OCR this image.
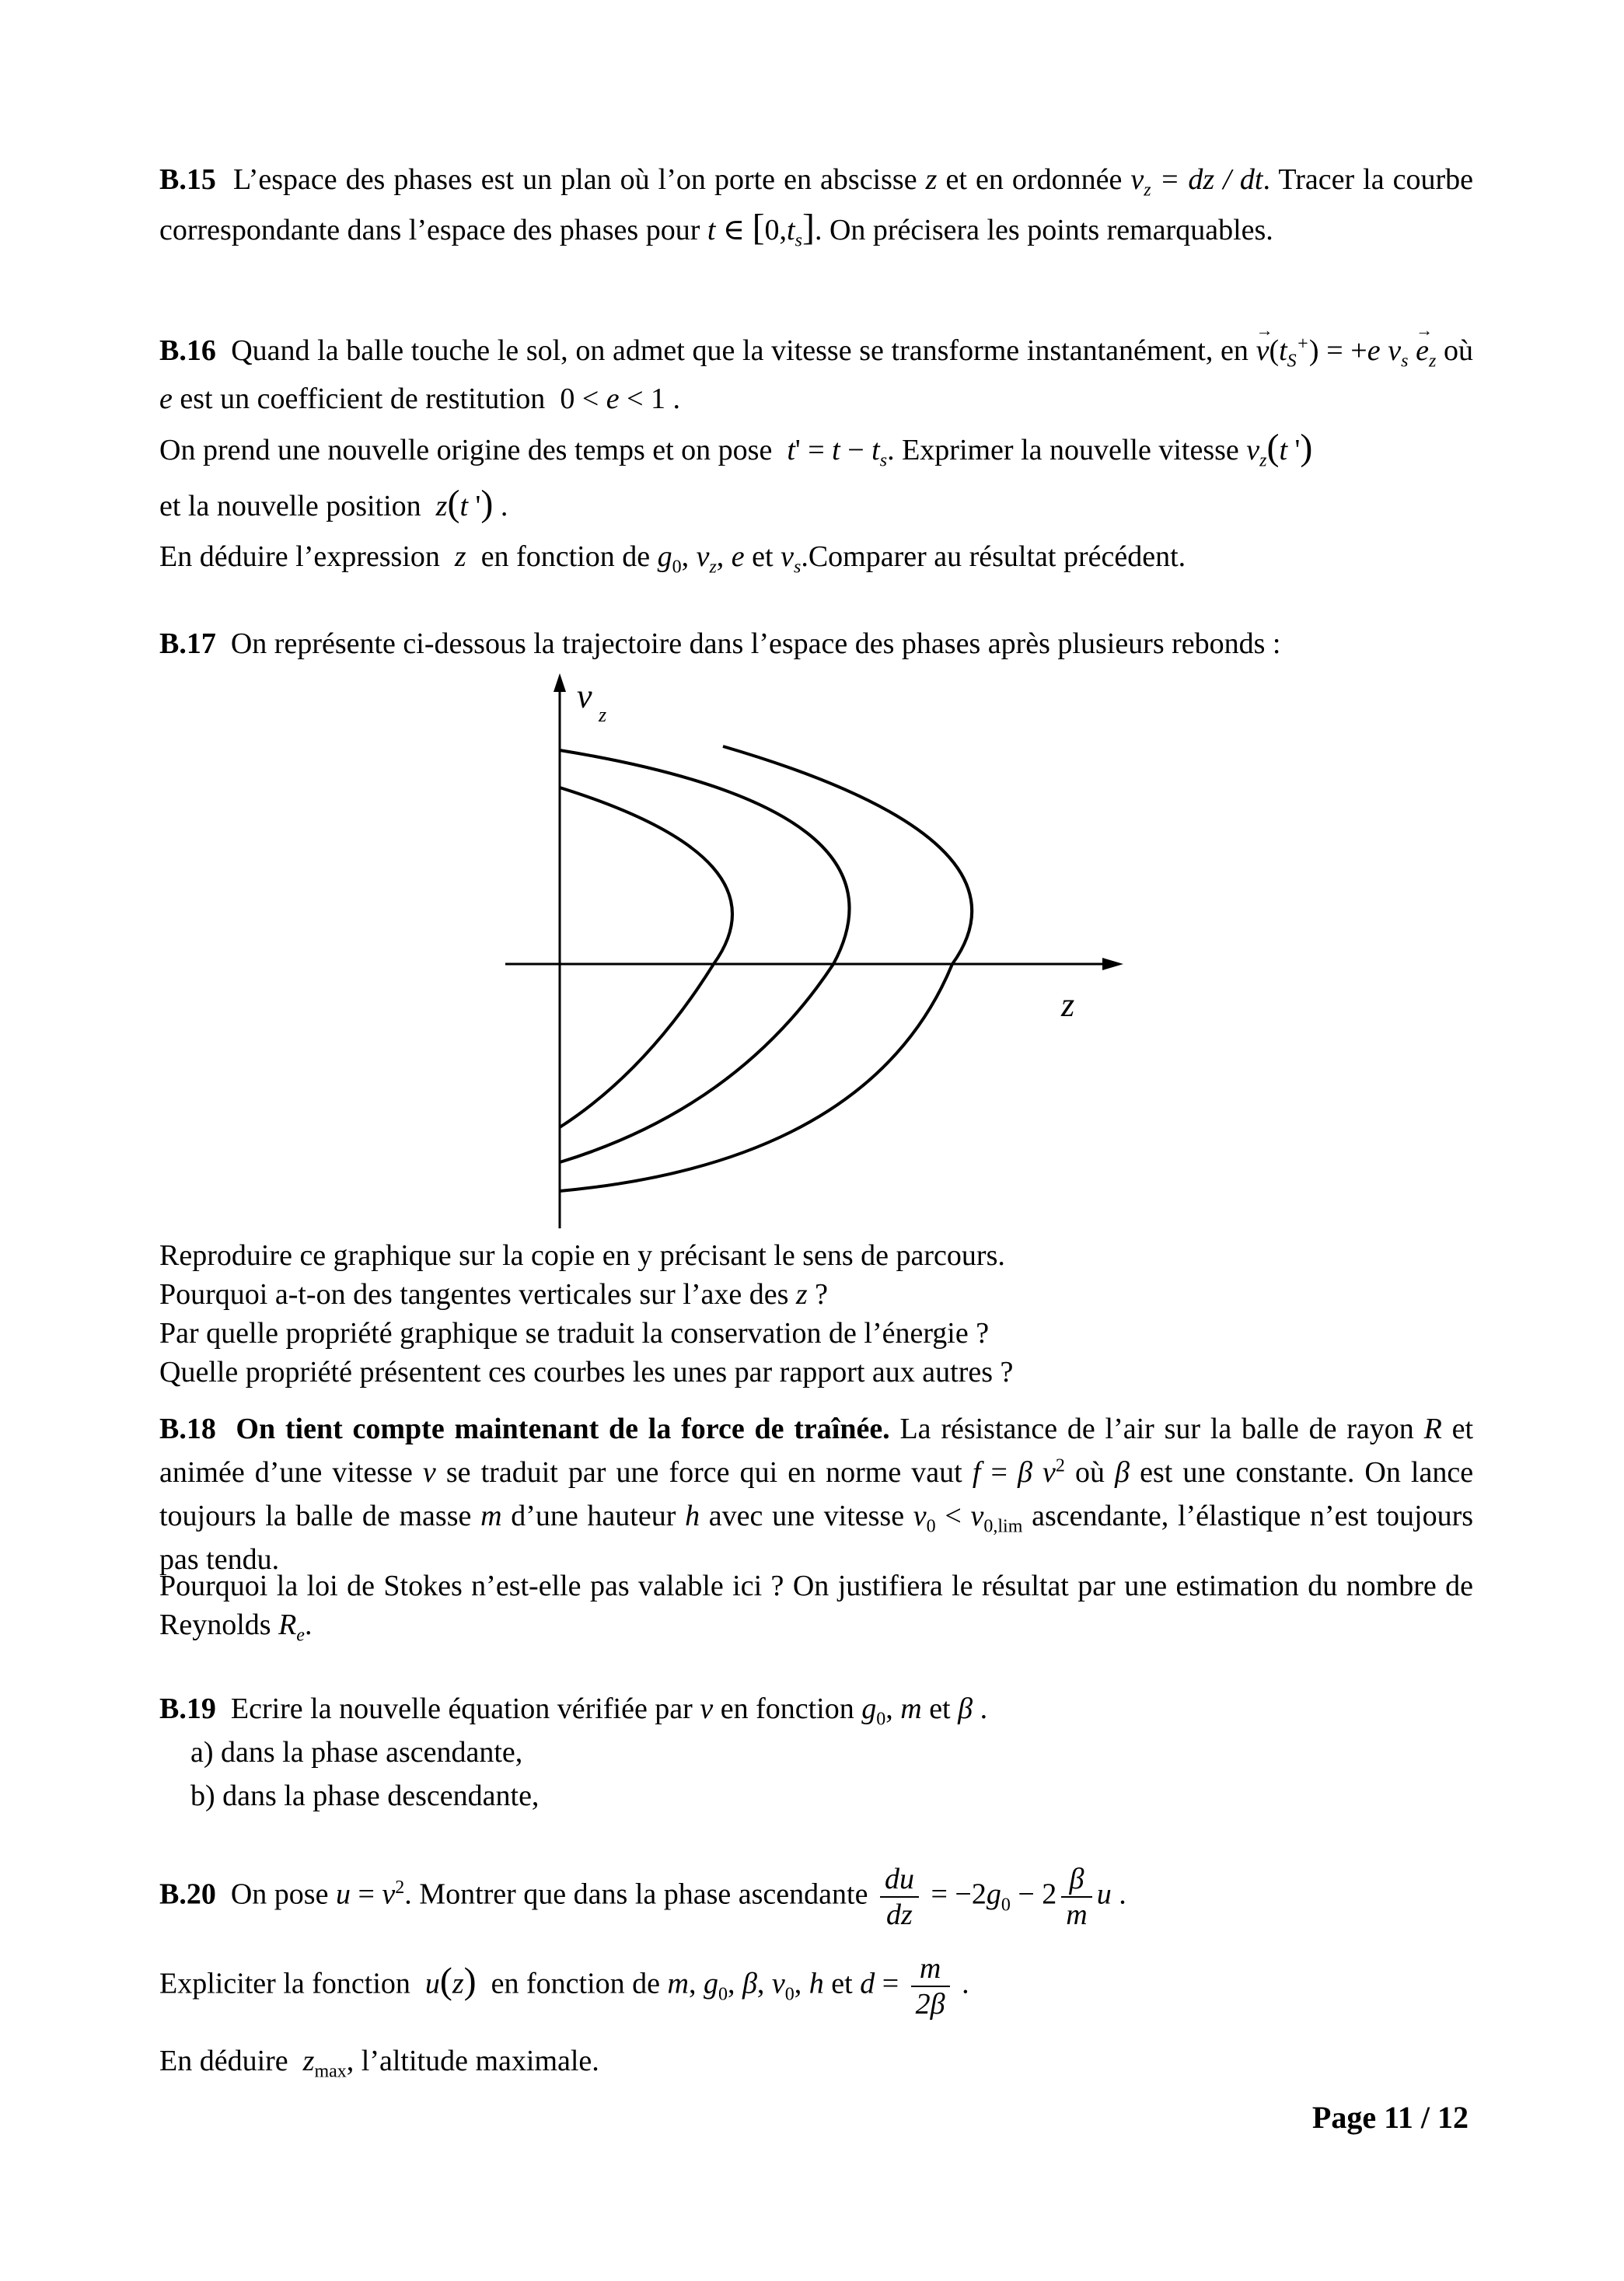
B.15 L’espace des phases est un plan où l’on porte en abscisse z et en ordonnée $v_z$ = dz / dt. Tracer la courbe correspondante dans l’espace des phases pour t ∈ $[0,t_s]$. On précisera les points remarquables.
B.16 Quand la balle touche le sol, on admet que la vitesse se transforme instantanément, en → $v(t_S^+) = +e$ $v_s \to e_z$ où e est un coefficient de restitution  0 < e < 1 .
On prend une nouvelle origine des temps et on pose $t' = t - t_s$. Exprimer la nouvelle vitesse $v_z(t$ ')
et la nouvelle position z(t ') .
En déduire l’expression z en fonction de $g_0$, $v_z$, e et $v_s.Comparer$ au résultat précédent.
B.17 On représente ci-dessous la trajectoire dans l’espace des phases après plusieurs rebonds :
v z
z
Reproduire ce graphique sur la copie en y précisant le sens de parcours.
Pourquoi a-t-on des tangentes verticales sur l’axe des z ?
Par quelle propriété graphique se traduit la conservation de l’énergie ?
Quelle propriété présentent ces courbes les unes par rapport aux autres ?
B.18 On tient compte maintenant de la force de traînée. La résistance de l’air sur la balle de rayon R et animée d’une vitesse v se traduit par une force qui en norme vaut f = β $v^2$ où β est une constante. On lance toujours la balle de masse m d’une hauteur h avec une vitesse $v_0 < v_{0,lim}$ ascendante, l’élastique n’est toujours pas tendu.
Pourquoi la loi de Stokes n’est-elle pas valable ici ? On justifiera le résultat par une estimation du nombre de Reynolds $R_e$.
B.19 Ecrire la nouvelle équation vérifiée par v en fonction $g_0$, m et β .
a) dans la phase ascendante,
b) dans la phase descendante,
B.20 On pose $u = v^2$. Montrer que dans la phase ascendante $\frac{du}{dz} = -2g_0 - 2 \frac{\beta}{m}$ u .
Expliciter la fonction u(z) en fonction de m, $g_0$, β, $v_0$, h et $d = \frac{m}{2\beta}$ .
En déduire $z_{max}$, l’altitude maximale.
Page 11 / 12
